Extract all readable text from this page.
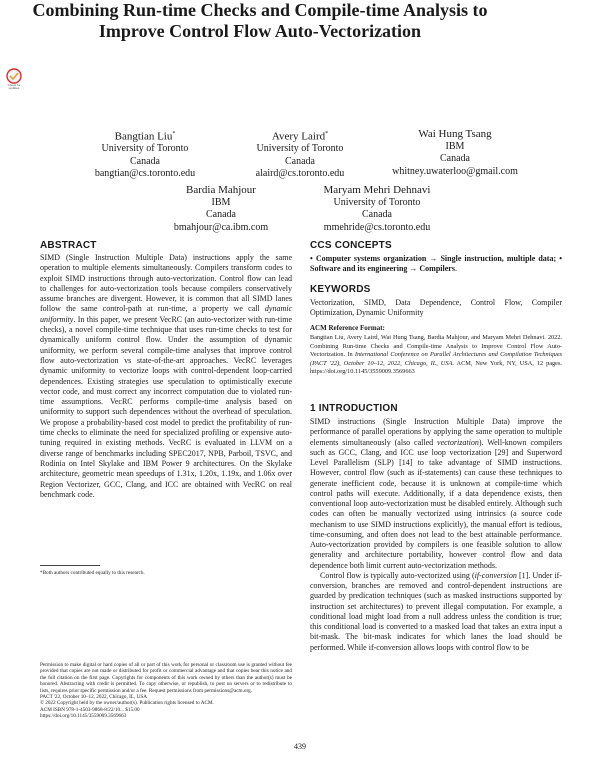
Check for updates
Combining Run-time Checks and Compile-time Analysis to Improve Control Flow Auto-Vectorization
Bangtian Liu*
University of Toronto
Canada
bangtian@cs.toronto.edu
Avery Laird*
University of Toronto
Canada
alaird@cs.toronto.edu
Wai Hung Tsang
IBM
Canada
whitney.uwaterloo@gmail.com
Bardia Mahjour
IBM
Canada
bmahjour@ca.ibm.com
Maryam Mehri Dehnavi
University of Toronto
Canada
mmehride@cs.toronto.edu
ABSTRACT

SIMD (Single Instruction Multiple Data) instructions apply the same operation to multiple elements simultaneously. Compilers transform codes to exploit SIMD instructions through auto-vectorization. Control flow can lead to challenges for auto-vectorization tools because compilers conservatively assume branches are divergent. However, it is common that all SIMD lanes follow the same control-path at run-time, a property we call dynamic uniformity. In this paper, we present VecRC (an auto-vectorizer with run-time checks), a novel compile-time technique that uses run-time checks to test for dynamically uniform control flow. Under the assumption of dynamic uniformity, we perform several compile-time analyses that improve control flow auto-vectorization vs state-of-the-art approaches. VecRC leverages dynamic uniformity to vectorize loops with control-dependent loop-carried dependences. Existing strategies use speculation to optimistically execute vector code, and must correct any incorrect computation due to violated run-time assumptions. VecRC performs compile-time analysis based on uniformity to support such dependences without the overhead of speculation. We propose a probability-based cost model to predict the profitability of run-time checks to eliminate the need for specialized profiling or expensive auto-tuning required in existing methods. VecRC is evaluated in LLVM on a diverse range of benchmarks including SPEC2017, NPB, Parboil, TSVC, and Rodinia on Intel Skylake and IBM Power 9 architectures. On the Skylake architecture, geometric mean speedups of 1.31x, 1.20x, 1.19x, and 1.06x over Region Vectorizer, GCC, Clang, and ICC are obtained with VecRC on real benchmark code.

*Both authors contributed equally to this research.
Permission to make digital or hard copies of all or part of this work for personal or classroom use is granted without fee provided that copies are not made or distributed for profit or commercial advantage and that copies bear this notice and the full citation on the first page. Copyrights for components of this work owned by others than the author(s) must be honored. Abstracting with credit is permitted. To copy otherwise, or republish, to post on servers or to redistribute to lists, requires prior specific permission and/or a fee. Request permissions from permissions@acm.org.
PACT '22, October 10–12, 2022, Chicago, IL, USA
© 2022 Copyright held by the owner/author(s). Publication rights licensed to ACM.
ACM ISBN 978-1-4503-9868-8/22/10... $15.00
https://doi.org/10.1145/3559009.3569663
CCS CONCEPTS

• Computer systems organization → Single instruction, multiple data; • Software and its engineering → Compilers.

KEYWORDS
Vectorization, SIMD, Data Dependence, Control Flow, Compiler Optimization, Dynamic Uniformity
ACM Reference Format:

Bangtian Liu, Avery Laird, Wai Hung Tsang, Bardia Mahjour, and Maryam Mehri Dehnavi. 2022. Combining Run-time Checks and Compile-time Analysis to Improve Control Flow Auto-Vectorization. In International Conference on Parallel Architectures and Compilation Techniques (PACT '22), October 10–12, 2022, Chicago, IL, USA. ACM, New York, NY, USA, 12 pages. https://doi.org/10.1145/3559009.3569663

1 INTRODUCTION

SIMD instructions (Single Instruction Multiple Data) improve the performance of parallel operations by applying the same operation to multiple elements simultaneously (also called vectorization). Well-known compilers such as GCC, Clang, and ICC use loop vectorization [29] and Superword Level Parallelism (SLP) [14] to take advantage of SIMD instructions. However, control flow (such as if-statements) can cause these techniques to generate inefficient code, because it is unknown at compile-time which control paths will execute. Additionally, if a data dependence exists, then conventional loop auto-vectorization must be disabled entirely. Although such codes can often be manually vectorized using intrinsics (a source code mechanism to use SIMD instructions explicitly), the manual effort is tedious, time-consuming, and often does not lead to the best attainable performance. Auto-vectorization provided by compilers is one feasible solution to allow generality and architecture portability, however control flow and data dependence both limit current auto-vectorization methods.

Control flow is typically auto-vectorized using (if-conversion [1]. Under if-conversion, branches are removed and control-dependent instructions are guarded by predication techniques (such as masked instructions supported by instruction set architectures) to prevent illegal computation. For example, a conditional load might load from a null address unless the condition is true; this conditional load is converted to a masked load that takes an extra input a bit-mask. The bit-mask indicates for which lanes the load should be performed. While if-conversion allows loops with control flow to be

439
